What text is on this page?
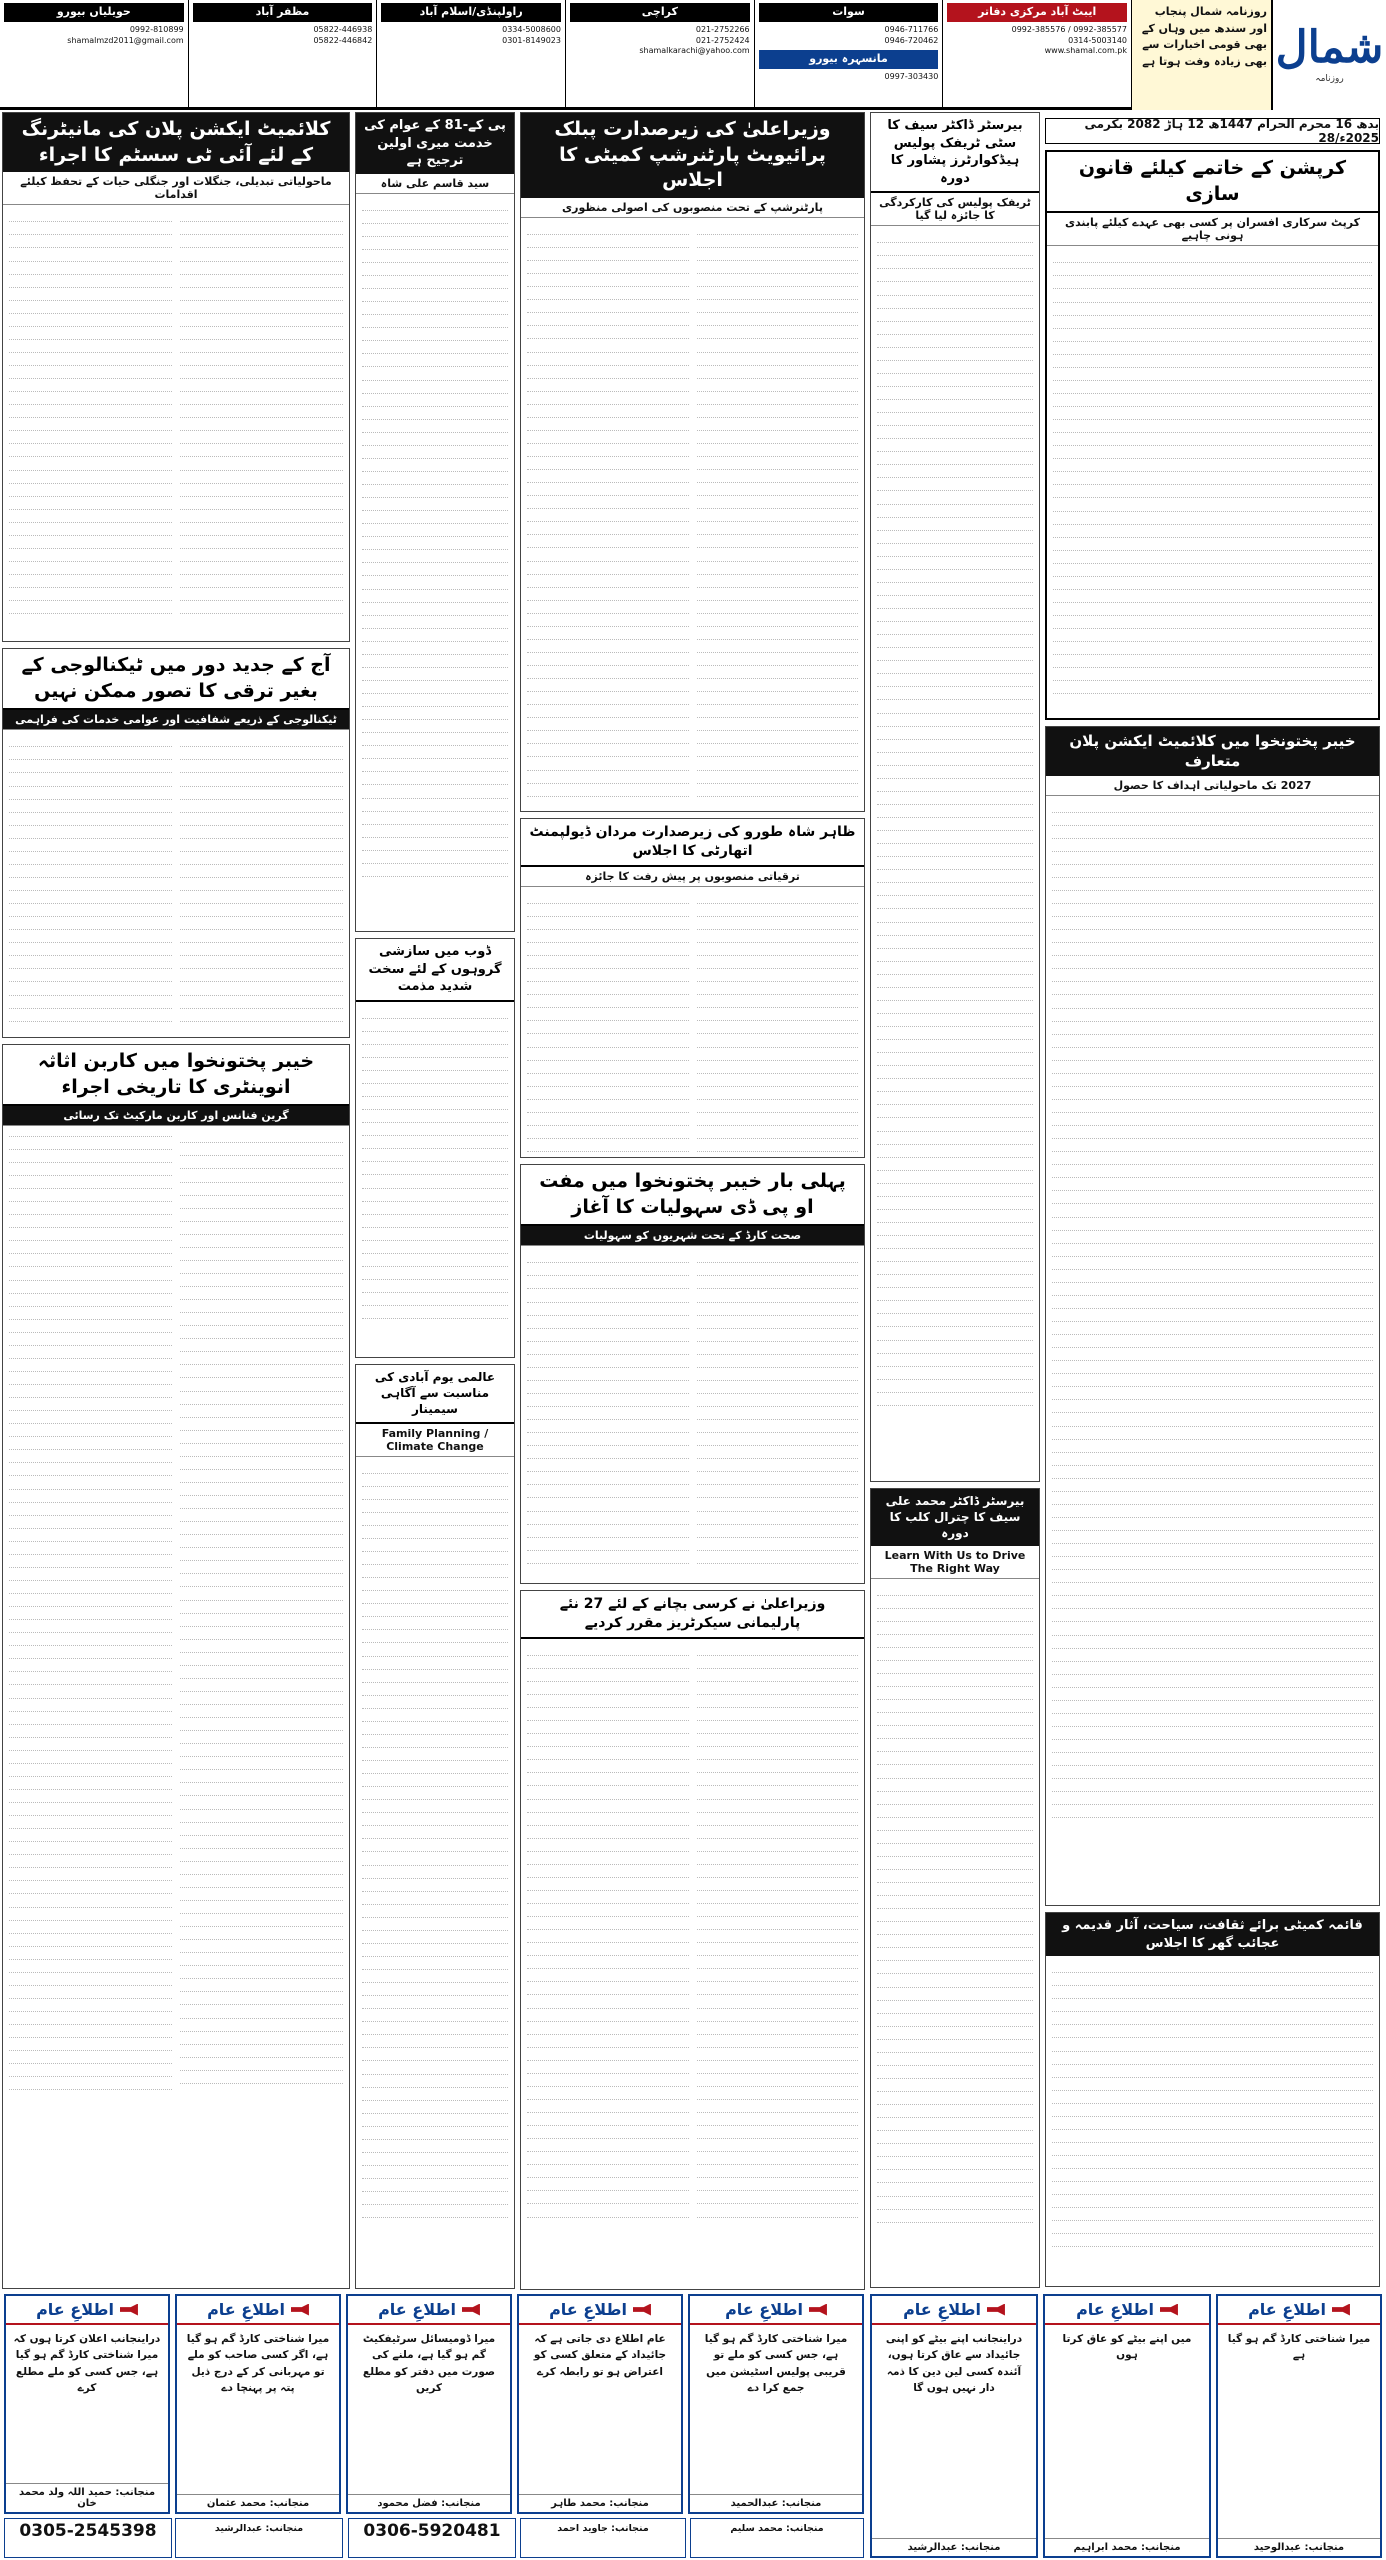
شمال
روزنامہ
روزنامہ شمال پنجاب اور سندھ میں وہاں کے بھی قومی اخبارات سے بھی زیادہ وفت ہوتا ہے
ایبٹ آباد مرکزی دفاتر
0992-385577 / 0992-385576
0314-5003140
www.shamal.com.pk
سوات
0946-711766
0946-720462
مانسہرہ بیورو
0997-303430
کراچی
021-2752266
021-2752424
shamalkarachi@yahoo.com
راولپنڈی/اسلام آباد
0334-5008600
0301-8149023
مظفر آباد
05822-446938
05822-446842
حویلیاں بیورو
0992-810899
shamalmzd2011@gmail.com
بدھ 16 محرم الحرام 1447ھ 12 ہاڑ 2082 بکرمی 2025ء/28
کرپشن کے خاتمے کیلئے قانون سازی
کرپٹ سرکاری افسران پر کسی بھی عہدے کیلئے پابندی ہونی چاہیے
خیبر پختونخوا میں کلائمیٹ ایکشن پلان متعارف
2027 تک ماحولیاتی اہداف کا حصول
قائمہ کمیٹی برائے ثقافت، سیاحت، آثار قدیمہ و عجائب گھر کا اجلاس
بیرسٹر ڈاکٹر سیف کا سٹی ٹریفک پولیس ہیڈکوارٹرز پشاور کا دورہ
ٹریفک پولیس کی کارکردگی کا جائزہ لیا گیا
بیرسٹر ڈاکٹر محمد علی سیف کا چترال کلب کا دورہ
Learn With Us to Drive The Right Way
وزیراعلیٰ کی زیرصدارت پبلک پرائیویٹ پارٹنرشپ کمیٹی کا اجلاس
پارٹنرشپ کے تحت منصوبوں کی اصولی منظوری
ظاہر شاہ طورو کی زیرصدارت مردان ڈیولپمنٹ اتھارٹی کا اجلاس
ترقیاتی منصوبوں پر پیش رفت کا جائزہ
پہلی بار خیبر پختونخوا میں مفت او پی ڈی سہولیات کا آغاز
صحت کارڈ کے تحت شہریوں کو سہولیات
وزیراعلیٰ نے کرسی بچانے کے لئے 27 نئے پارلیمانی سیکرٹریز مقرر کردیے
پی کے-81 کے عوام کی خدمت میری اولین ترجیح ہے
سید قاسم علی شاہ
ڈوب میں سازشی گروہوں کے لئے سخت شدید مذمت
عالمی یوم آبادی کی مناسبت سے آگاہی سیمینار
Family Planning / Climate Change
کلائمیٹ ایکشن پلان کی مانیٹرنگ کے لئے آئی ٹی سسٹم کا اجراء
ماحولیاتی تبدیلی، جنگلات اور جنگلی حیات کے تحفظ کیلئے اقدامات
آج کے جدید دور میں ٹیکنالوجی کے بغیر ترقی کا تصور ممکن نہیں
ٹیکنالوجی کے ذریعے شفافیت اور عوامی خدمات کی فراہمی
خیبر پختونخوا میں کاربن اثاثہ انوینٹری کا تاریخی اجراء
گرین فنانس اور کاربن مارکیٹ تک رسائی
اطلاعِ عام
دراینجانب اعلان کرتا ہوں کہ میرا شناختی کارڈ گم ہو گیا ہے، جس کسی کو ملے مطلع کرے
منجانب: حمید اللہ ولد محمد خان
اطلاعِ عام
میرا شناختی کارڈ گم ہو گیا ہے، اگر کسی صاحب کو ملے تو مہربانی کر کے درج ذیل پتہ پر پہنچا دے
منجانب: محمد عثمان
اطلاعِ عام
میرا ڈومیسائل سرٹیفکیٹ گم ہو گیا ہے، ملنے کی صورت میں دفتر کو مطلع کریں
منجانب: فضل محمود
اطلاعِ عام
عام اطلاع دی جاتی ہے کہ جائیداد کے متعلق کسی کو اعتراض ہو تو رابطہ کرے
منجانب: محمد طاہر
اطلاعِ عام
میرا شناختی کارڈ گم ہو گیا ہے، جس کسی کو ملے تو قریبی پولیس اسٹیشن میں جمع کرا دے
منجانب: عبدالحمید
0305-2545398	0306-5920481
اطلاعِ عام
دراینجانب اپنے بیٹے کو اپنی جائیداد سے عاق کرتا ہوں، آئندہ کسی لین دین کا ذمہ دار نہیں ہوں گا
منجانب: عبدالرشید
اطلاعِ عام
میں اپنے بیٹے کو عاق کرتا ہوں
منجانب: محمد ابراہیم
اطلاعِ عام
میرا شناختی کارڈ گم ہو گیا ہے
منجانب: عبدالوحید
منجانب: عبدالرشید	منجانب: جاوید احمد	منجانب: محمد سلیم
